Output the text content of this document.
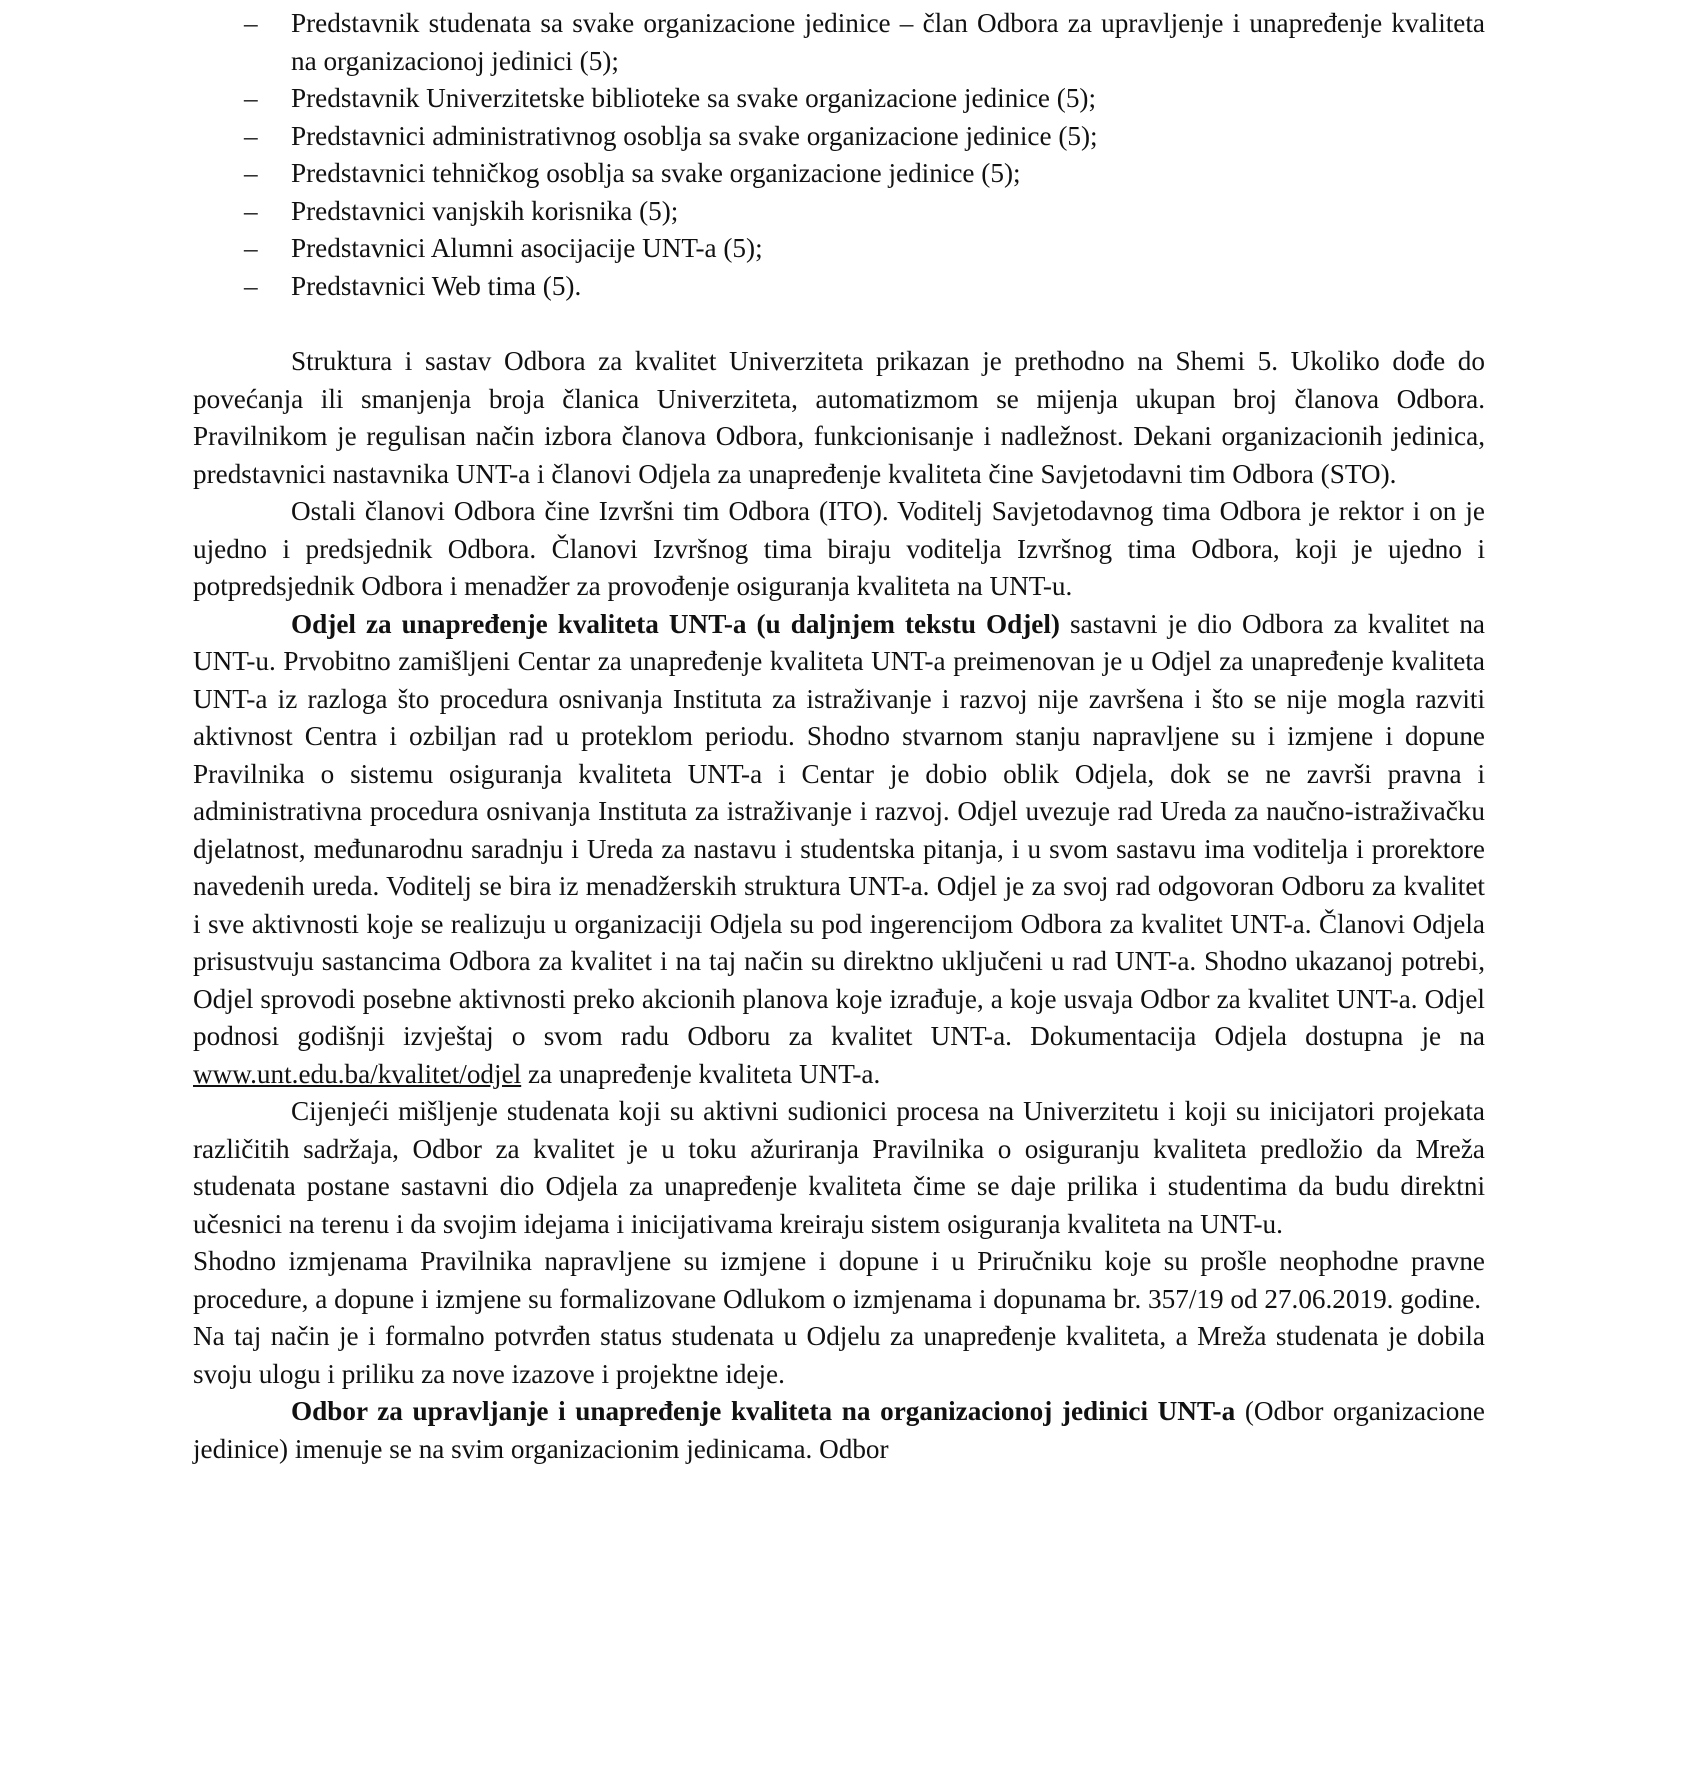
– Predstavnik studenata sa svake organizacione jedinice – član Odbora za upravljenje i unapređenje kvaliteta na organizacionoj jedinici (5);
– Predstavnik Univerzitetske biblioteke sa svake organizacione jedinice (5);
– Predstavnici administrativnog osoblja sa svake organizacione jedinice (5);
– Predstavnici tehničkog osoblja sa svake organizacione jedinice (5);
– Predstavnici vanjskih korisnika (5);
– Predstavnici Alumni asocijacije UNT-a (5);
– Predstavnici Web tima (5).

Struktura i sastav Odbora za kvalitet Univerziteta prikazan je prethodno na Shemi 5. Ukoliko dođe do povećanja ili smanjenja broja članica Univerziteta, automatizmom se mijenja ukupan broj članova Odbora. Pravilnikom je regulisan način izbora članova Odbora, funkcionisanje i nadležnost. Dekani organizacionih jedinica, predstavnici nastavnika UNT-a i članovi Odjela za unapređenje kvaliteta čine Savjetodavni tim Odbora (STO).

Ostali članovi Odbora čine Izvršni tim Odbora (ITO). Voditelj Savjetodavnog tima Odbora je rektor i on je ujedno i predsjednik Odbora. Članovi Izvršnog tima biraju voditelja Izvršnog tima Odbora, koji je ujedno i potpredsjednik Odbora i menadžer za provođenje osiguranja kvaliteta na UNT-u.

Odjel za unapređenje kvaliteta UNT-a (u daljnjem tekstu Odjel) sastavni je dio Odbora za kvalitet na UNT-u. Prvobitno zamišljeni Centar za unapređenje kvaliteta UNT-a preimenovan je u Odjel za unapređenje kvaliteta UNT-a iz razloga što procedura osnivanja Instituta za istraživanje i razvoj nije završena i što se nije mogla razviti aktivnost Centra i ozbiljan rad u proteklom periodu. Shodno stvarnom stanju napravljene su i izmjene i dopune Pravilnika o sistemu osiguranja kvaliteta UNT-a i Centar je dobio oblik Odjela, dok se ne završi pravna i administrativna procedura osnivanja Instituta za istraživanje i razvoj. Odjel uvezuje rad Ureda za naučno-istraživačku djelatnost, međunarodnu saradnju i Ureda za nastavu i studentska pitanja, i u svom sastavu ima voditelja i prorektore navedenih ureda. Voditelj se bira iz menadžerskih struktura UNT-a. Odjel je za svoj rad odgovoran Odboru za kvalitet i sve aktivnosti koje se realizuju u organizaciji Odjela su pod ingerencijom Odbora za kvalitet UNT-a. Članovi Odjela prisustvuju sastancima Odbora za kvalitet i na taj način su direktno uključeni u rad UNT-a. Shodno ukazanoj potrebi, Odjel sprovodi posebne aktivnosti preko akcionih planova koje izrađuje, a koje usvaja Odbor za kvalitet UNT-a. Odjel podnosi godišnji izvještaj o svom radu Odboru za kvalitet UNT-a. Dokumentacija Odjela dostupna je na www.unt.edu.ba/kvalitet/odjel za unapređenje kvaliteta UNT-a.

Cijenjeći mišljenje studenata koji su aktivni sudionici procesa na Univerzitetu i koji su inicijatori projekata različitih sadržaja, Odbor za kvalitet je u toku ažuriranja Pravilnika o osiguranju kvaliteta predložio da Mreža studenata postane sastavni dio Odjela za unapređenje kvaliteta čime se daje prilika i studentima da budu direktni učesnici na terenu i da svojim idejama i inicijativama kreiraju sistem osiguranja kvaliteta na UNT-u.

Shodno izmjenama Pravilnika napravljene su izmjene i dopune i u Priručniku koje su prošle neophodne pravne procedure, a dopune i izmjene su formalizovane Odlukom o izmjenama i dopunama br. 357/19 od 27.06.2019. godine.

Na taj način je i formalno potvrđen status studenata u Odjelu za unapređenje kvaliteta, a Mreža studenata je dobila svoju ulogu i priliku za nove izazove i projektne ideje.

Odbor za upravljanje i unapređenje kvaliteta na organizacionoj jedinici UNT-a (Odbor organizacione jedinice) imenuje se na svim organizacionim jedinicama. Odbor
